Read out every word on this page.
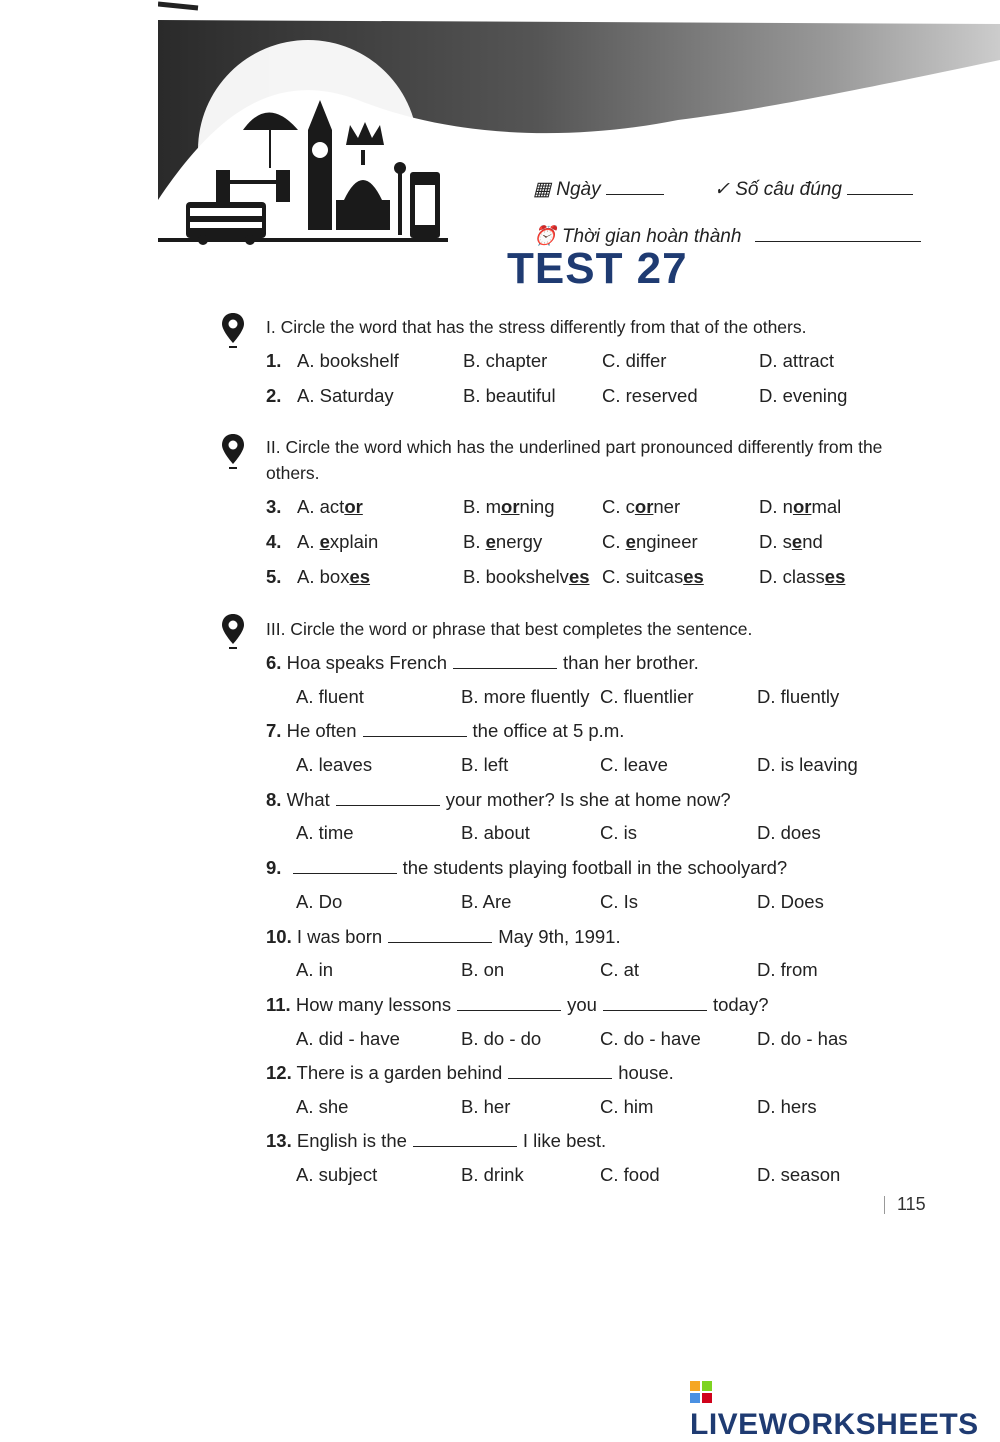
▦ Ngày	✓ Số câu đúng
⏰ Thời gian hoàn thành
TEST 27
I. Circle the word that has the stress differently from that of the others.
1. A. bookshelf	B. chapter	C. differ	D. attract
2. A. Saturday	B. beautiful	C. reserved	D. evening
II. Circle the word which has the underlined part pronounced differently from the others.
3. A. actor	B. morning	C. corner	D. normal
4. A. explain	B. energy	C. engineer	D. send
5. A. boxes	B. bookshelves C. suitcases	D. classes
III. Circle the word or phrase that best completes the sentence.
6. Hoa speaks French	than her brother.
A. fluent	B. more fluently C. fluentlier	D. fluently
7. He often	the office at 5 p.m.
A. leaves	B. left	C. leave	D. is leaving
8. What	your mother? Is she at home now?
A. time	B. about	C. is	D. does
9.	the students playing football in the schoolyard?
A. Do	B. Are	C. Is	D. Does
10. I was born	May 9th, 1991.
A. in	B. on	C. at	D. from
11. How many lessons	you	today?
A. did - have	B. do - do	C. do - have	D. do - has
12. There is a garden behind	house.
A. she	B. her	C. him	D. hers
13. English is the	I like best.
A. subject	B. drink	C. food	D. season
115
LIVEWORKSHEETS
